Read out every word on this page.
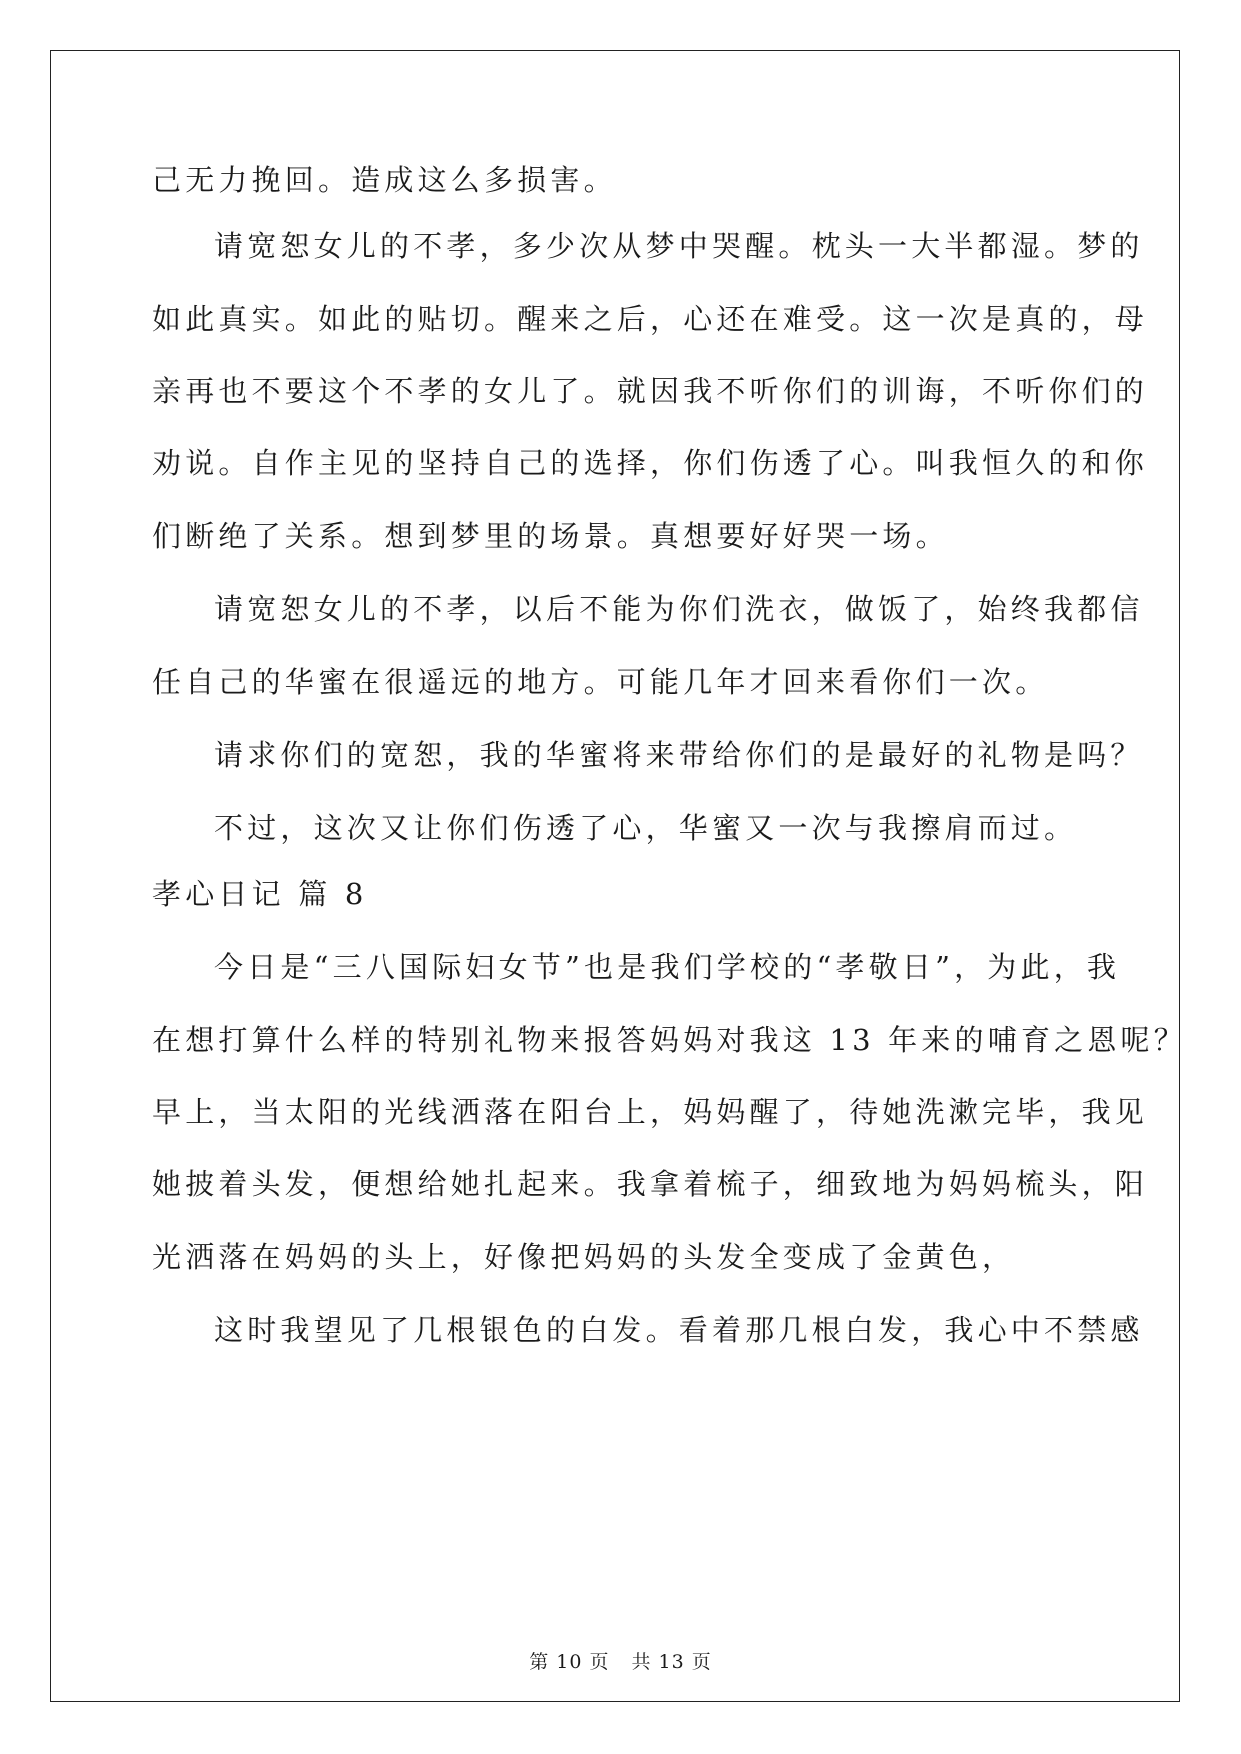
己无力挽回。造成这么多损害。
请宽恕女儿的不孝，多少次从梦中哭醒。枕头一大半都湿。梦的
如此真实。如此的贴切。醒来之后，心还在难受。这一次是真的，母
亲再也不要这个不孝的女儿了。就因我不听你们的训诲，不听你们的
劝说。自作主见的坚持自己的选择，你们伤透了心。叫我恒久的和你
们断绝了关系。想到梦里的场景。真想要好好哭一场。
请宽恕女儿的不孝，以后不能为你们洗衣，做饭了，始终我都信
任自己的华蜜在很遥远的地方。可能几年才回来看你们一次。
请求你们的宽恕，我的华蜜将来带给你们的是最好的礼物是吗？
不过，这次又让你们伤透了心，华蜜又一次与我擦肩而过。
孝心日记 篇 8
今日是“三八国际妇女节”也是我们学校的“孝敬日”，为此，我
在想打算什么样的特别礼物来报答妈妈对我这 13 年来的哺育之恩呢？
早上，当太阳的光线洒落在阳台上，妈妈醒了，待她洗漱完毕，我见
她披着头发，便想给她扎起来。我拿着梳子，细致地为妈妈梳头，阳
光洒落在妈妈的头上，好像把妈妈的头发全变成了金黄色，
这时我望见了几根银色的白发。看着那几根白发，我心中不禁感
第 10 页 共 13 页
